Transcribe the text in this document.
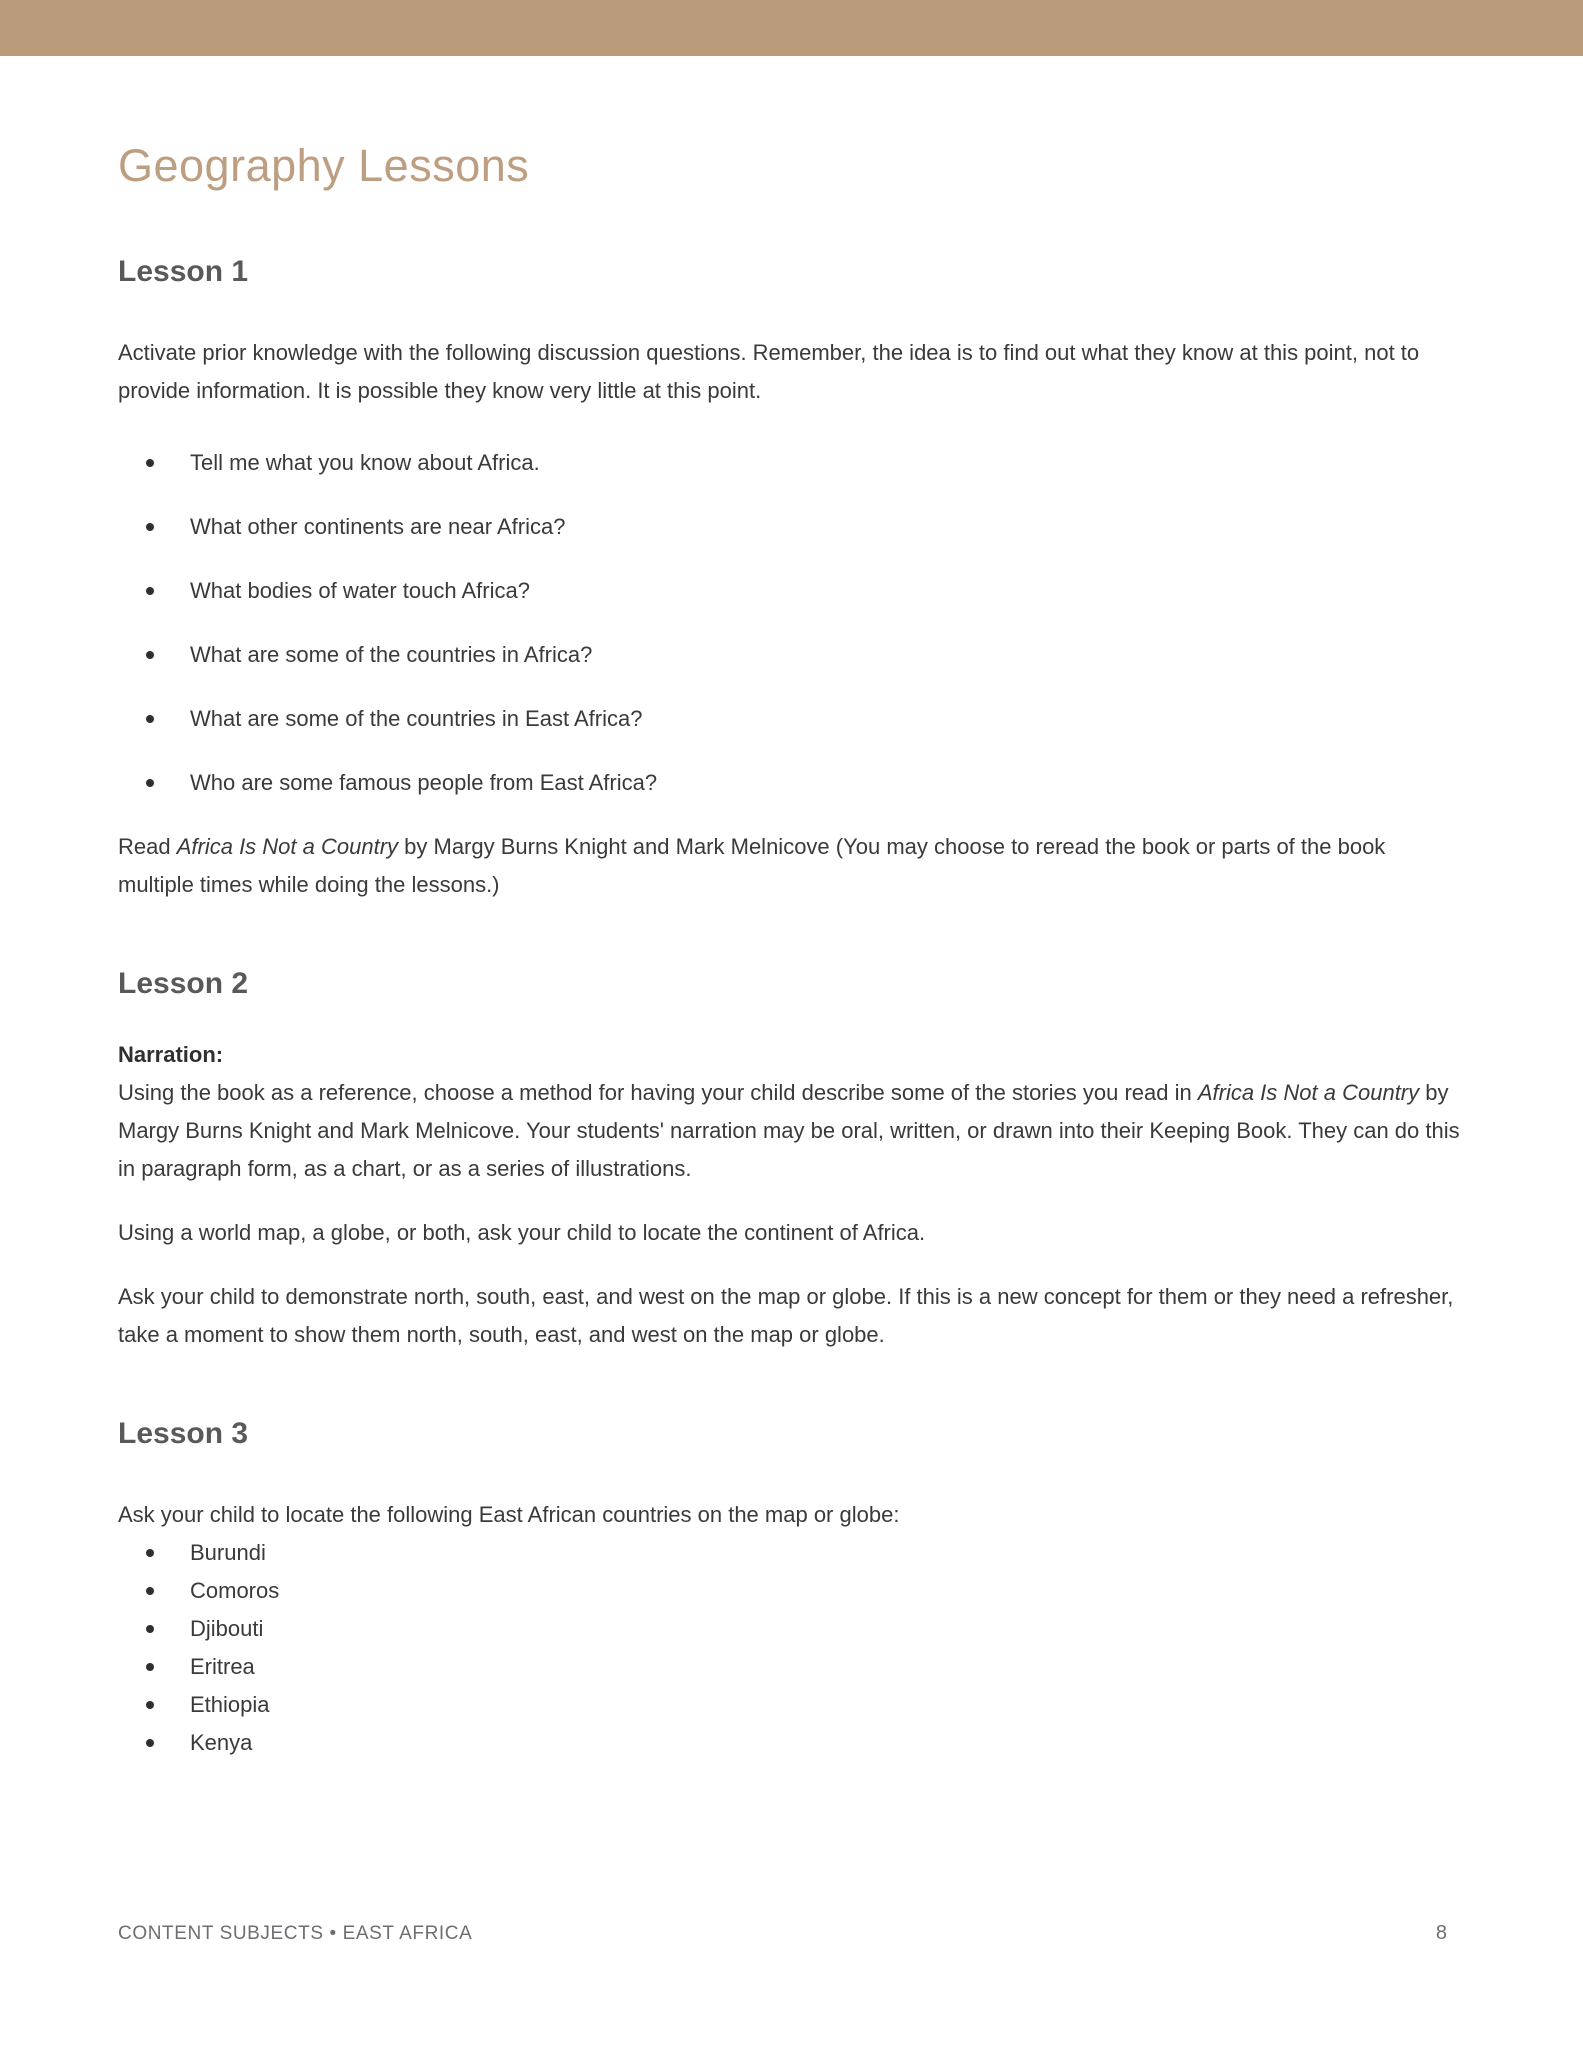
Geography Lessons
Lesson 1

Activate prior knowledge with the following discussion questions. Remember, the idea is to find out what they know at this point, not to provide information. It is possible they know very little at this point.

Tell me what you know about Africa.
What other continents are near Africa?
What bodies of water touch Africa?
What are some of the countries in Africa?
What are some of the countries in East Africa?
Who are some famous people from East Africa?

Read Africa Is Not a Country by Margy Burns Knight and Mark Melnicove (You may choose to reread the book or parts of the book multiple times while doing the lessons.)

Lesson 2

Narration:

Using the book as a reference, choose a method for having your child describe some of the stories you read in Africa Is Not a Country by Margy Burns Knight and Mark Melnicove. Your students' narration may be oral, written, or drawn into their Keeping Book. They can do this in paragraph form, as a chart, or as a series of illustrations.

Using a world map, a globe, or both, ask your child to locate the continent of Africa.

Ask your child to demonstrate north, south, east, and west on the map or globe. If this is a new concept for them or they need a refresher, take a moment to show them north, south, east, and west on the map or globe.

Lesson 3

Ask your child to locate the following East African countries on the map or globe:

Burundi
Comoros
Djibouti
Eritrea
Ethiopia
Kenya
CONTENT SUBJECTS • EAST AFRICA	8
